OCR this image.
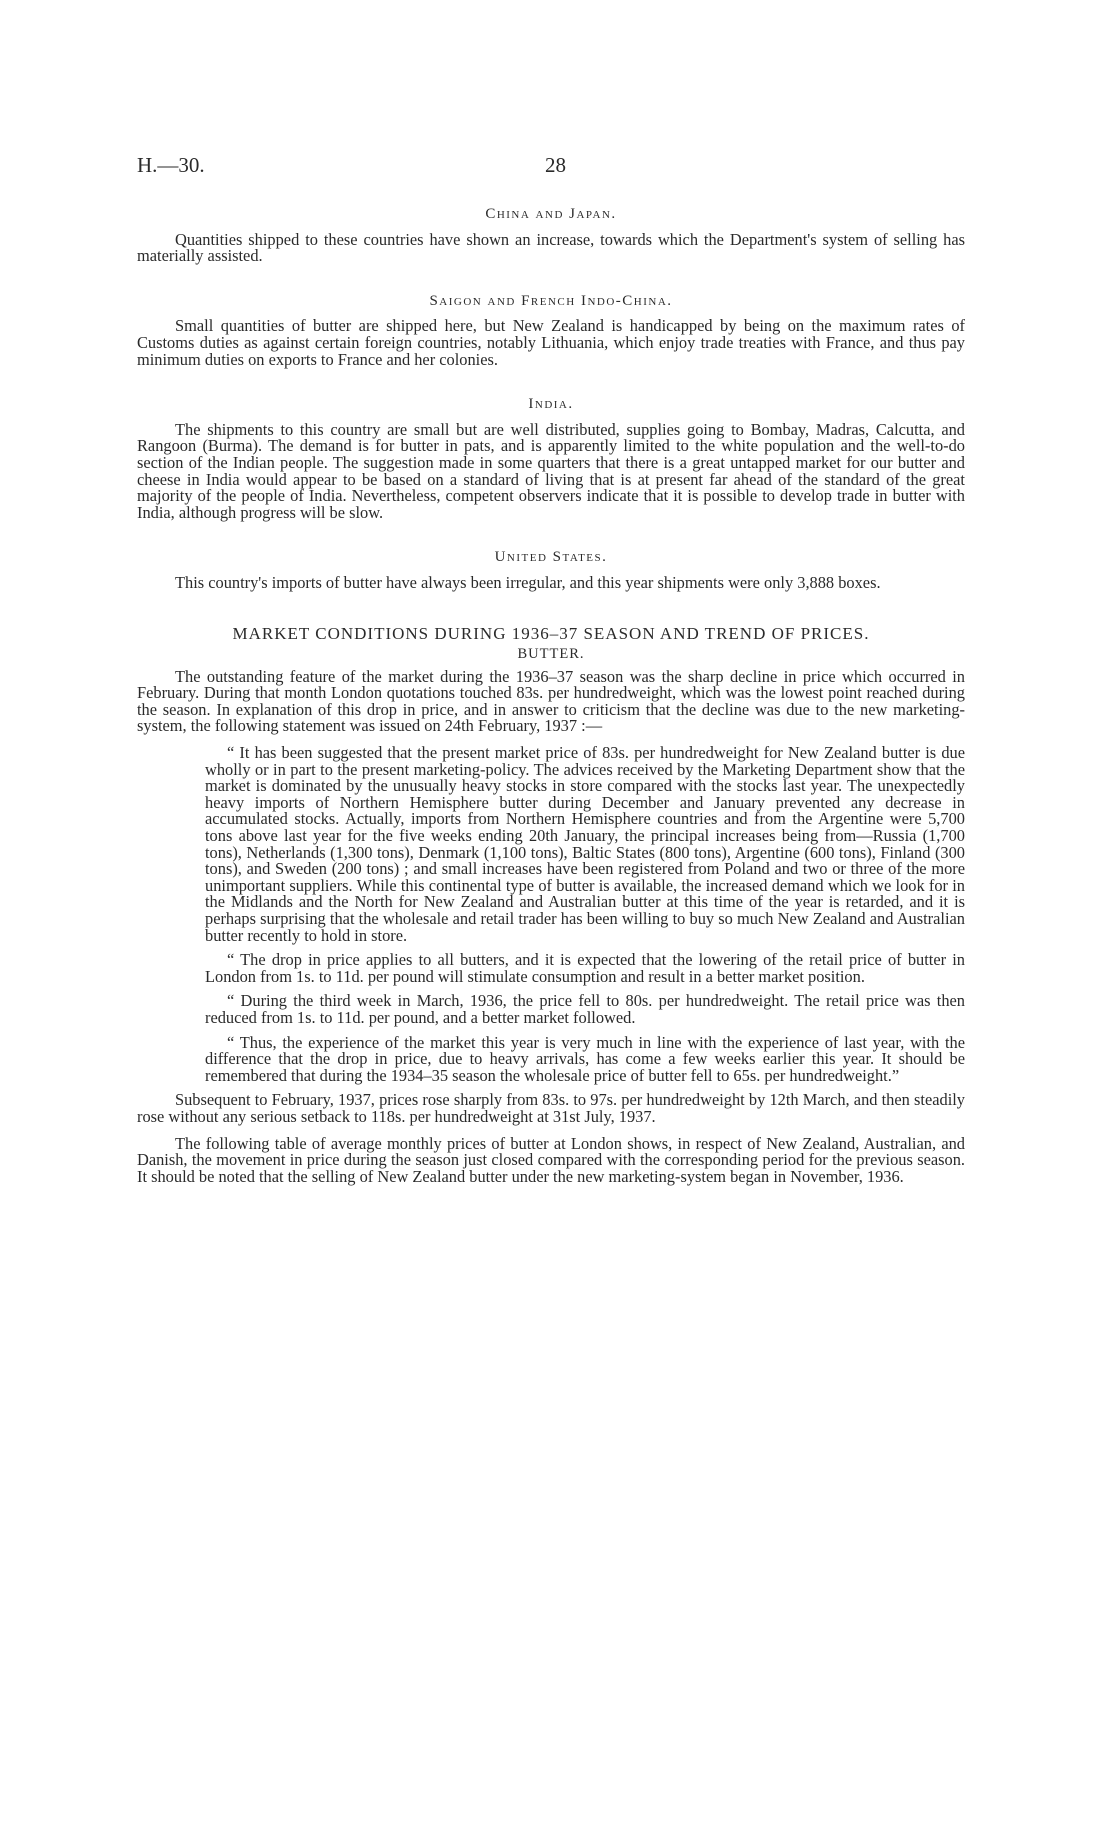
H.—30.	28
China and Japan.

Quantities shipped to these countries have shown an increase, towards which the Department's system of selling has materially assisted.

Saigon and French Indo-China.

Small quantities of butter are shipped here, but New Zealand is handicapped by being on the maximum rates of Customs duties as against certain foreign countries, notably Lithuania, which enjoy trade treaties with France, and thus pay minimum duties on exports to France and her colonies.

India.

The shipments to this country are small but are well distributed, supplies going to Bombay, Madras, Calcutta, and Rangoon (Burma). The demand is for butter in pats, and is apparently limited to the white population and the well-to-do section of the Indian people. The suggestion made in some quarters that there is a great untapped market for our butter and cheese in India would appear to be based on a standard of living that is at present far ahead of the standard of the great majority of the people of India. Nevertheless, competent observers indicate that it is possible to develop trade in butter with India, although progress will be slow.

United States.

This country's imports of butter have always been irregular, and this year shipments were only 3,888 boxes.

MARKET CONDITIONS DURING 1936–37 SEASON AND TREND OF PRICES.
BUTTER.

The outstanding feature of the market during the 1936–37 season was the sharp decline in price which occurred in February. During that month London quotations touched 83s. per hundredweight, which was the lowest point reached during the season. In explanation of this drop in price, and in answer to criticism that the decline was due to the new marketing-system, the following statement was issued on 24th February, 1937 :—

“ It has been suggested that the present market price of 83s. per hundredweight for New Zealand butter is due wholly or in part to the present marketing-policy. The advices received by the Marketing Department show that the market is dominated by the unusually heavy stocks in store compared with the stocks last year. The unexpectedly heavy imports of Northern Hemisphere butter during December and January prevented any decrease in accumulated stocks. Actually, imports from Northern Hemisphere countries and from the Argentine were 5,700 tons above last year for the five weeks ending 20th January, the principal increases being from—Russia (1,700 tons), Netherlands (1,300 tons), Denmark (1,100 tons), Baltic States (800 tons), Argentine (600 tons), Finland (300 tons), and Sweden (200 tons) ; and small increases have been registered from Poland and two or three of the more unimportant suppliers. While this continental type of butter is available, the increased demand which we look for in the Midlands and the North for New Zealand and Australian butter at this time of the year is retarded, and it is perhaps surprising that the wholesale and retail trader has been willing to buy so much New Zealand and Australian butter recently to hold in store.

“ The drop in price applies to all butters, and it is expected that the lowering of the retail price of butter in London from 1s. to 11d. per pound will stimulate consumption and result in a better market position.

“ During the third week in March, 1936, the price fell to 80s. per hundredweight. The retail price was then reduced from 1s. to 11d. per pound, and a better market followed.

“ Thus, the experience of the market this year is very much in line with the experience of last year, with the difference that the drop in price, due to heavy arrivals, has come a few weeks earlier this year. It should be remembered that during the 1934–35 season the wholesale price of butter fell to 65s. per hundredweight.”

Subsequent to February, 1937, prices rose sharply from 83s. to 97s. per hundredweight by 12th March, and then steadily rose without any serious setback to 118s. per hundredweight at 31st July, 1937.

The following table of average monthly prices of butter at London shows, in respect of New Zealand, Australian, and Danish, the movement in price during the season just closed compared with the corresponding period for the previous season. It should be noted that the selling of New Zealand butter under the new marketing-system began in November, 1936.
